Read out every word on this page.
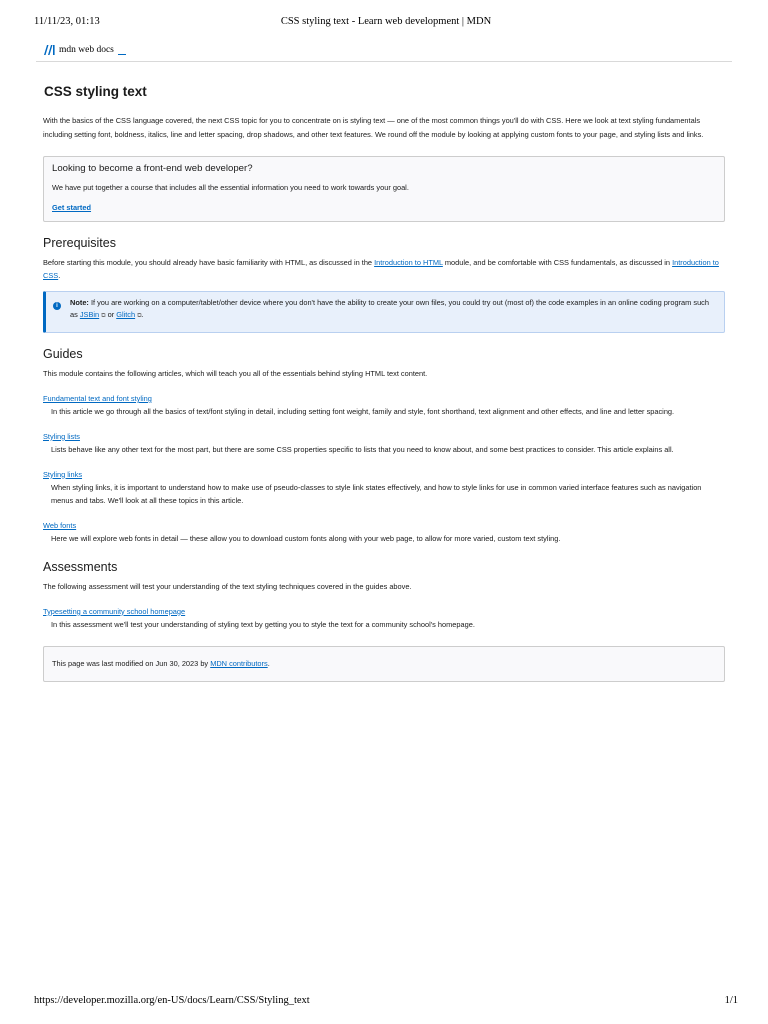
11/11/23, 01:13	CSS styling text - Learn web development | MDN
mdn web docs
CSS styling text

With the basics of the CSS language covered, the next CSS topic for you to concentrate on is styling text — one of the most common things you'll do with CSS. Here we look at text styling fundamentals including setting font, boldness, italics, line and letter spacing, drop shadows, and other text features. We round off the module by looking at applying custom fonts to your page, and styling lists and links.

Looking to become a front-end web developer?

We have put together a course that includes all the essential information you need to work towards your goal.

Get started
Prerequisites

Before starting this module, you should already have basic familiarity with HTML, as discussed in the Introduction to HTML module, and be comfortable with CSS fundamentals, as discussed in Introduction to CSS.

i	Note: If you are working on a computer/tablet/other device where you don't have the ability to create your own files, you could try out (most of) the code examples in an online coding program such as JSBin ⧉ or Glitch ⧉.

Guides

This module contains the following articles, which will teach you all of the essentials behind styling HTML text content.

Fundamental text and font styling

In this article we go through all the basics of text/font styling in detail, including setting font weight, family and style, font shorthand, text alignment and other effects, and line and letter spacing.

Styling lists

Lists behave like any other text for the most part, but there are some CSS properties specific to lists that you need to know about, and some best practices to consider. This article explains all.

Styling links

When styling links, it is important to understand how to make use of pseudo-classes to style link states effectively, and how to style links for use in common varied interface features such as navigation menus and tabs. We'll look at all these topics in this article.

Web fonts

Here we will explore web fonts in detail — these allow you to download custom fonts along with your web page, to allow for more varied, custom text styling.

Assessments

The following assessment will test your understanding of the text styling techniques covered in the guides above.

Typesetting a community school homepage

In this assessment we'll test your understanding of styling text by getting you to style the text for a community school's homepage.

This page was last modified on Jun 30, 2023 by MDN contributors.

https://developer.mozilla.org/en-US/docs/Learn/CSS/Styling_text	1/1
